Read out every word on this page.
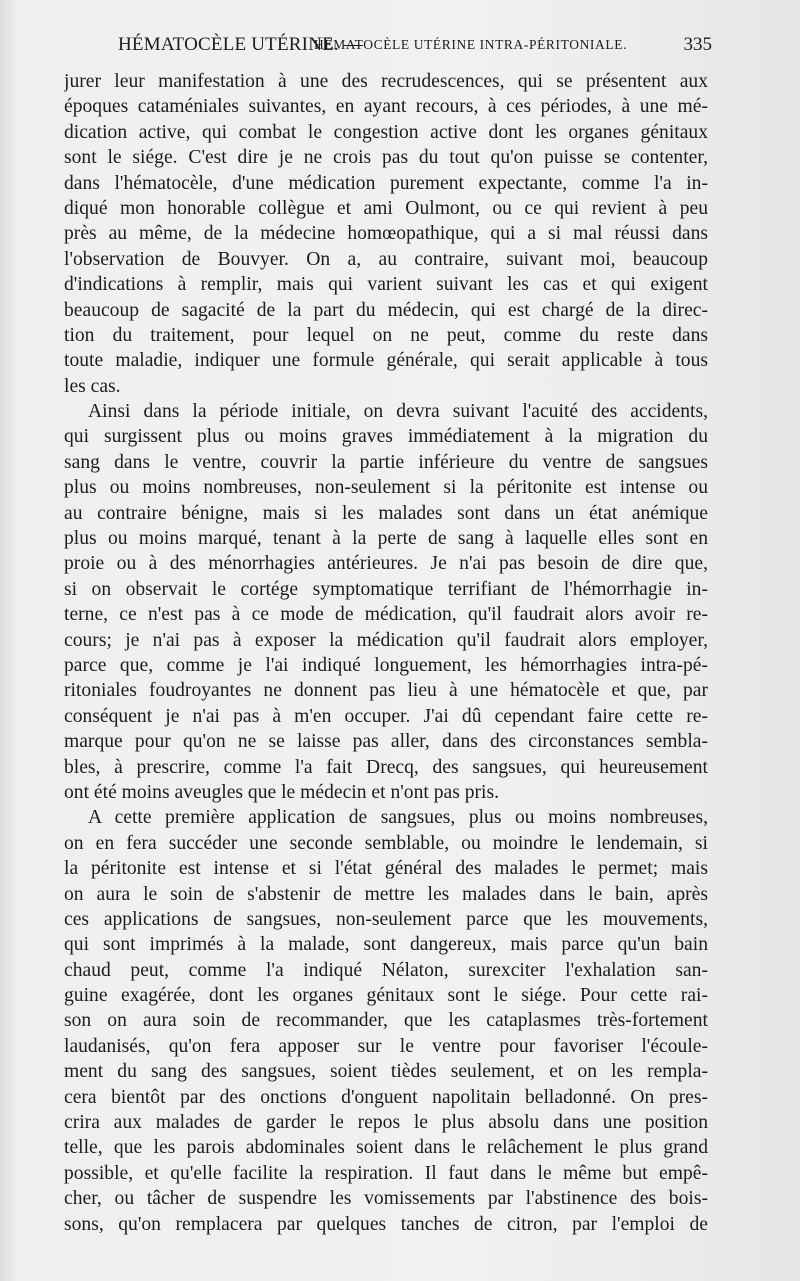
HÉMATOCÈLE UTÉRINE. —
HÉMATOCÈLE UTÉRINE INTRA-PÉRITONIALE.	335
jurer leur manifestation à une des recrudescences, qui se présentent aux
époques cataméniales suivantes, en ayant recours, à ces périodes, à une mé-
dication active, qui combat le congestion active dont les organes génitaux
sont le siége. C'est dire je ne crois pas du tout qu'on puisse se contenter,
dans l'hématocèle, d'une médication purement expectante, comme l'a in-
diqué mon honorable collègue et ami Oulmont, ou ce qui revient à peu
près au même, de la médecine homœopathique, qui a si mal réussi dans
l'observation de Bouvyer. On a, au contraire, suivant moi, beaucoup
d'indications à remplir, mais qui varient suivant les cas et qui exigent
beaucoup de sagacité de la part du médecin, qui est chargé de la direc-
tion du traitement, pour lequel on ne peut, comme du reste dans
toute maladie, indiquer une formule générale, qui serait applicable à tous
les cas.
Ainsi dans la période initiale, on devra suivant l'acuité des accidents,
qui surgissent plus ou moins graves immédiatement à la migration du
sang dans le ventre, couvrir la partie inférieure du ventre de sangsues
plus ou moins nombreuses, non-seulement si la péritonite est intense ou
au contraire bénigne, mais si les malades sont dans un état anémique
plus ou moins marqué, tenant à la perte de sang à laquelle elles sont en
proie ou à des ménorrhagies antérieures. Je n'ai pas besoin de dire que,
si on observait le cortége symptomatique terrifiant de l'hémorrhagie in-
terne, ce n'est pas à ce mode de médication, qu'il faudrait alors avoir re-
cours; je n'ai pas à exposer la médication qu'il faudrait alors employer,
parce que, comme je l'ai indiqué longuement, les hémorrhagies intra-pé-
ritoniales foudroyantes ne donnent pas lieu à une hématocèle et que, par
conséquent je n'ai pas à m'en occuper. J'ai dû cependant faire cette re-
marque pour qu'on ne se laisse pas aller, dans des circonstances sembla-
bles, à prescrire, comme l'a fait Drecq, des sangsues, qui heureusement
ont été moins aveugles que le médecin et n'ont pas pris.
A cette première application de sangsues, plus ou moins nombreuses,
on en fera succéder une seconde semblable, ou moindre le lendemain, si
la péritonite est intense et si l'état général des malades le permet; mais
on aura le soin de s'abstenir de mettre les malades dans le bain, après
ces applications de sangsues, non-seulement parce que les mouvements,
qui sont imprimés à la malade, sont dangereux, mais parce qu'un bain
chaud peut, comme l'a indiqué Nélaton, surexciter l'exhalation san-
guine exagérée, dont les organes génitaux sont le siége. Pour cette rai-
son on aura soin de recommander, que les cataplasmes très-fortement
laudanisés, qu'on fera apposer sur le ventre pour favoriser l'écoule-
ment du sang des sangsues, soient tièdes seulement, et on les rempla-
cera bientôt par des onctions d'onguent napolitain belladonné. On pres-
crira aux malades de garder le repos le plus absolu dans une position
telle, que les parois abdominales soient dans le relâchement le plus grand
possible, et qu'elle facilite la respiration. Il faut dans le même but empê-
cher, ou tâcher de suspendre les vomissements par l'abstinence des bois-
sons, qu'on remplacera par quelques tanches de citron, par l'emploi de
